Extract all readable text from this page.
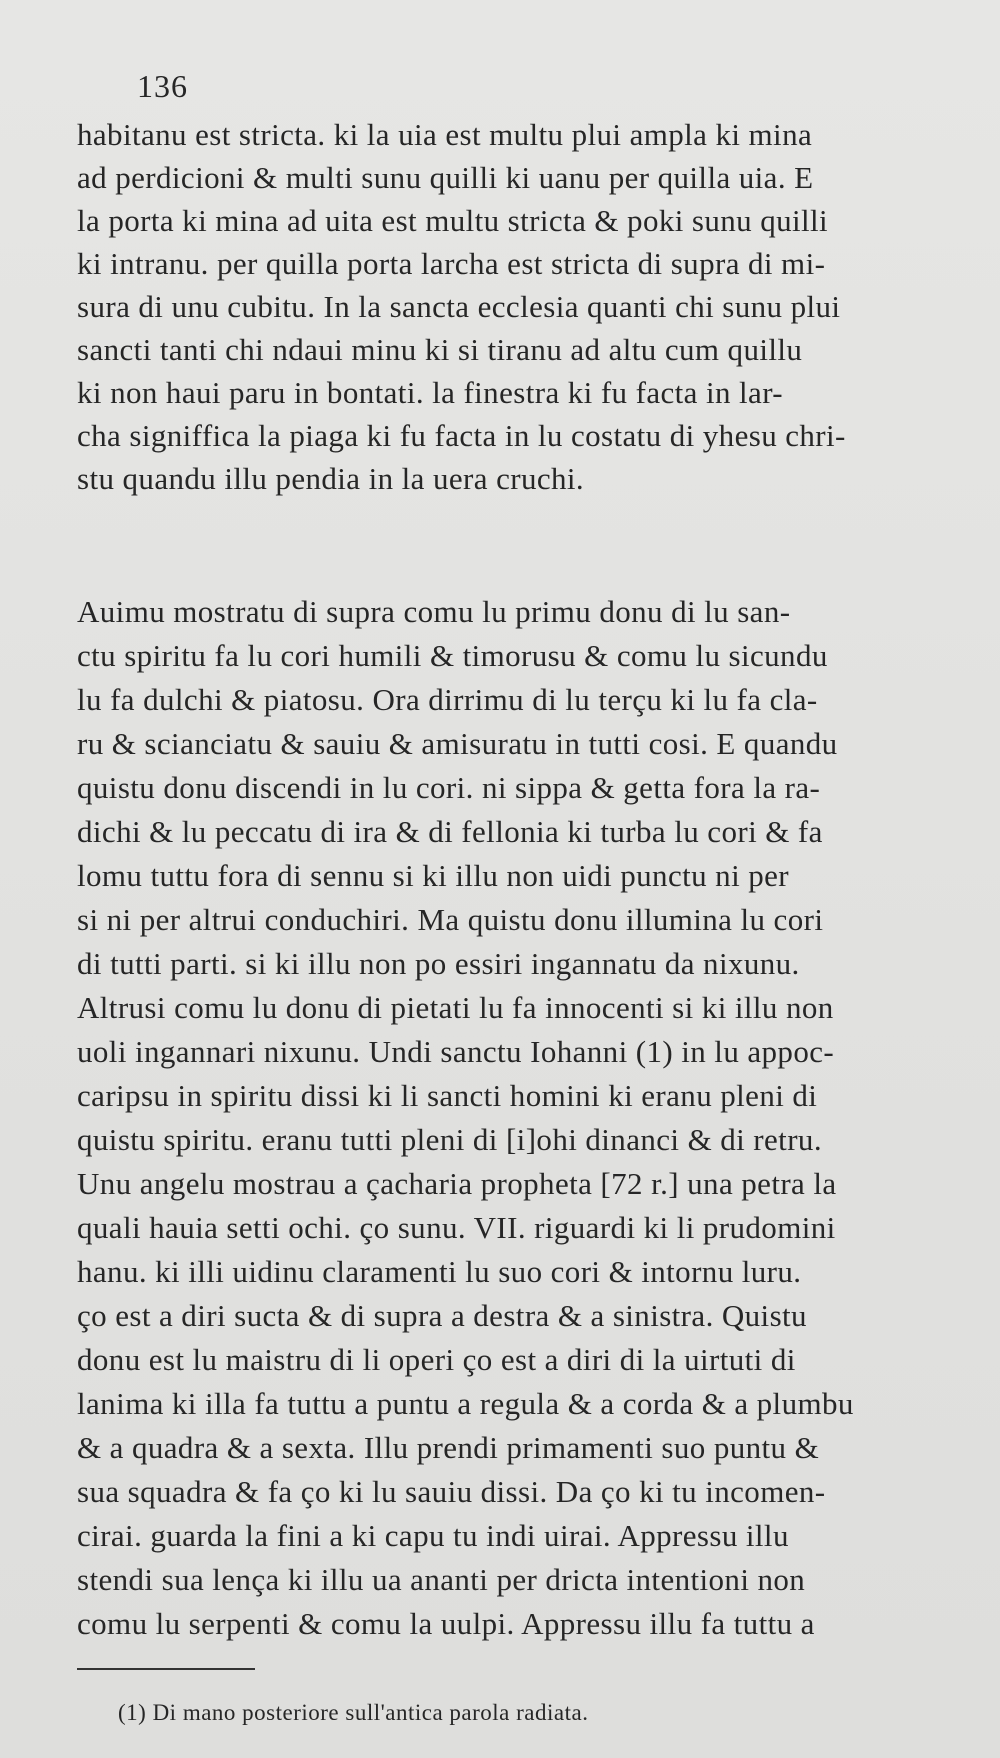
136
habitanu est stricta. ki la uia est multu plui ampla ki mina
ad perdicioni & multi sunu quilli ki uanu per quilla uia. E
la porta ki mina ad uita est multu stricta & poki sunu quilli
ki intranu. per quilla porta larcha est stricta di supra di mi-
sura di unu cubitu. In la sancta ecclesia quanti chi sunu plui
sancti tanti chi ndaui minu ki si tiranu ad altu cum quillu
ki non haui paru in bontati. la finestra ki fu facta in lar-
cha signiffica la piaga ki fu facta in lu costatu di yhesu chri-
stu quandu illu pendia in la uera cruchi.
Auimu mostratu di supra comu lu primu donu di lu san-
ctu spiritu fa lu cori humili & timorusu & comu lu sicundu
lu fa dulchi & piatosu. Ora dirrimu di lu terçu ki lu fa cla-
ru & scianciatu & sauiu & amisuratu in tutti cosi. E quandu
quistu donu discendi in lu cori. ni sippa & getta fora la ra-
dichi & lu peccatu di ira & di fellonia ki turba lu cori & fa
lomu tuttu fora di sennu si ki illu non uidi punctu ni per
si ni per altrui conduchiri. Ma quistu donu illumina lu cori
di tutti parti. si ki illu non po essiri ingannatu da nixunu.
Altrusi comu lu donu di pietati lu fa innocenti si ki illu non
uoli ingannari nixunu. Undi sanctu Iohanni (1) in lu appoc-
caripsu in spiritu dissi ki li sancti homini ki eranu pleni di
quistu spiritu. eranu tutti pleni di [i]ohi dinanci & di retru.
Unu angelu mostrau a çacharia propheta [72 r.] una petra la
quali hauia setti ochi. ço sunu. VII. riguardi ki li prudomini
hanu. ki illi uidinu claramenti lu suo cori & intornu luru.
ço est a diri sucta & di supra a destra & a sinistra. Quistu
donu est lu maistru di li operi ço est a diri di la uirtuti di
lanima ki illa fa tuttu a puntu a regula & a corda & a plumbu
& a quadra & a sexta. Illu prendi primamenti suo puntu &
sua squadra & fa ço ki lu sauiu dissi. Da ço ki tu incomen-
cirai. guarda la fini a ki capu tu indi uirai. Appressu illu
stendi sua lença ki illu ua ananti per dricta intentioni non
comu lu serpenti & comu la uulpi. Appressu illu fa tuttu a
(1) Di mano posteriore sull'antica parola radiata.
